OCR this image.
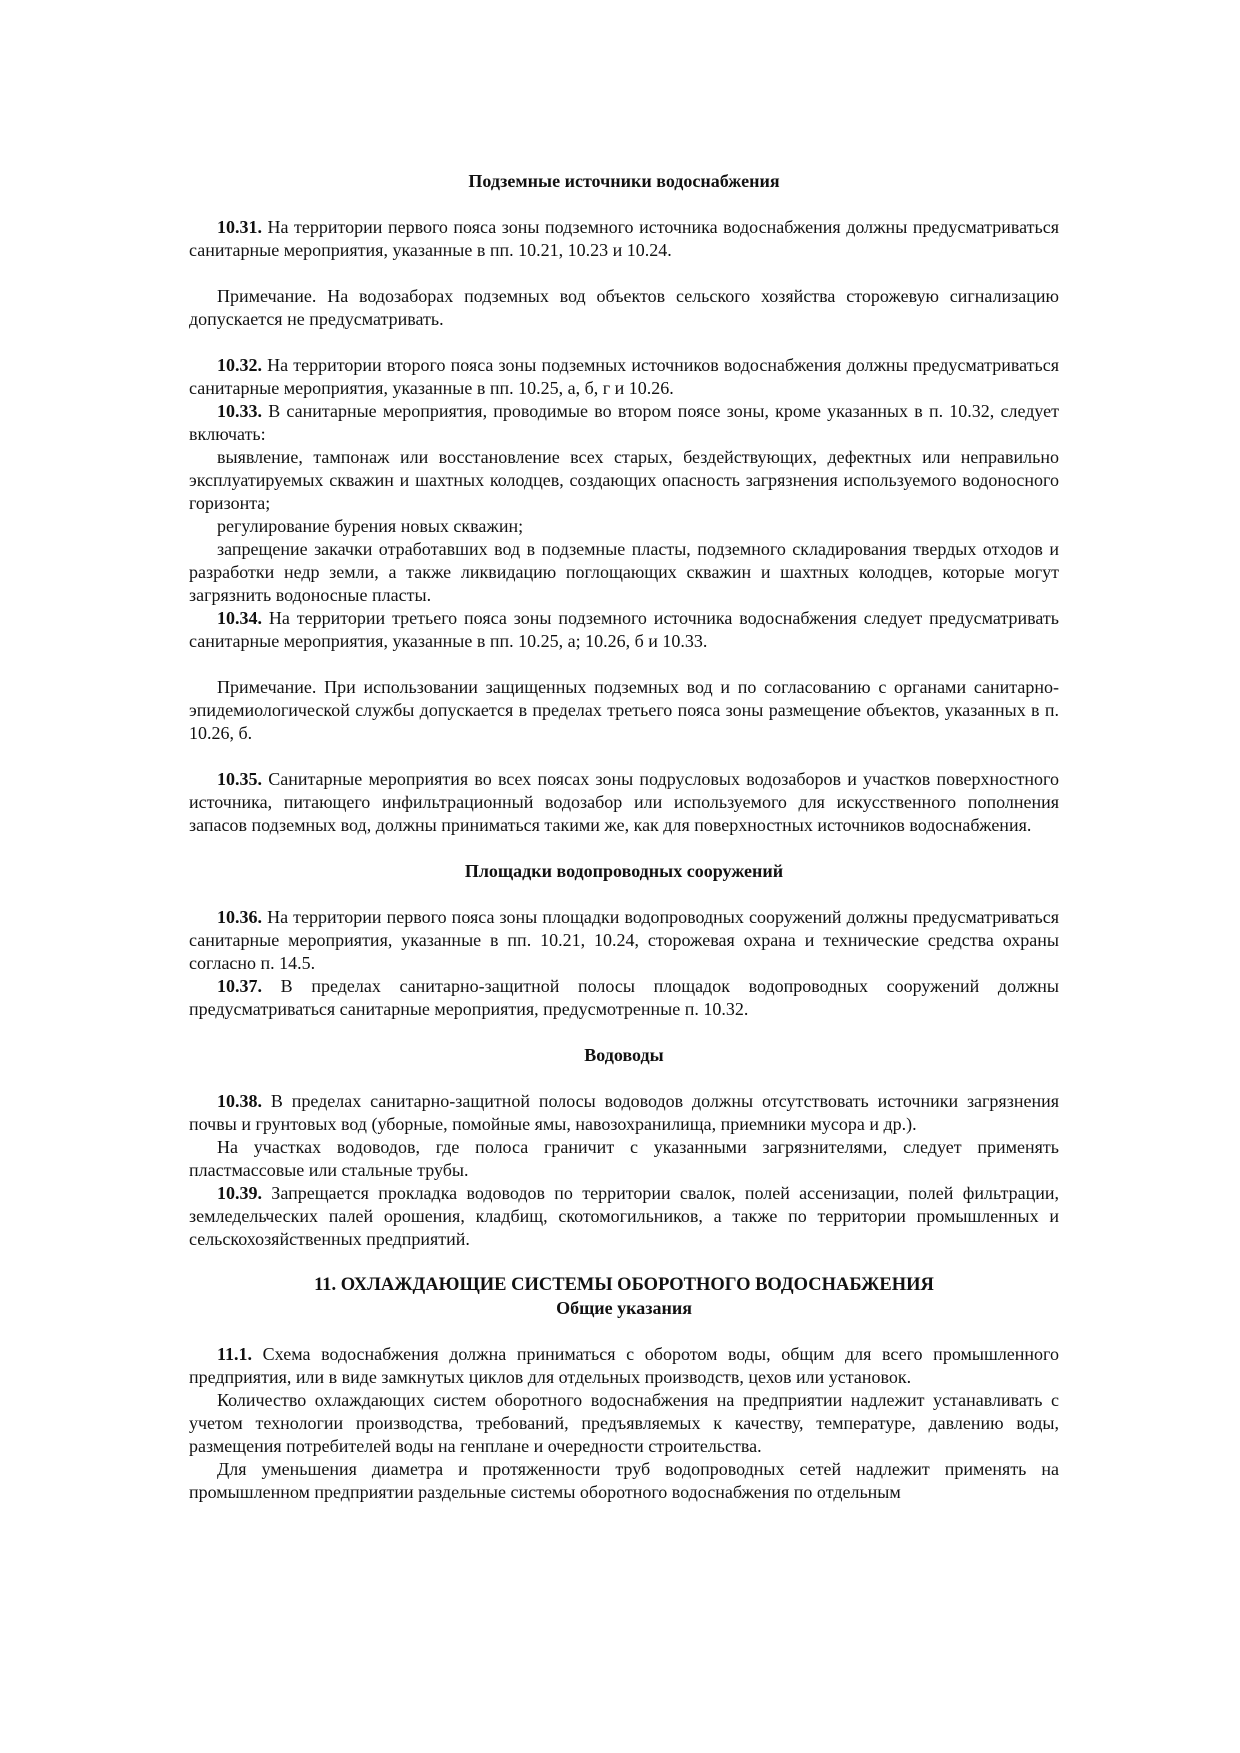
Подземные источники водоснабжения

10.31. На территории первого пояса зоны подземного источника водоснабжения должны предусматриваться санитарные мероприятия, указанные в пп. 10.21, 10.23 и 10.24.

Примечание. На водозаборах подземных вод объектов сельского хозяйства сторожевую сигнализацию допускается не предусматривать.

10.32. На территории второго пояса зоны подземных источников водоснабжения должны предусматриваться санитарные мероприятия, указанные в пп. 10.25, а, б, г и 10.26.

10.33. В санитарные мероприятия, проводимые во втором поясе зоны, кроме указанных в п. 10.32, следует включать:

выявление, тампонаж или восстановление всех старых, бездействующих, дефектных или неправильно эксплуатируемых скважин и шахтных колодцев, создающих опасность загрязнения используемого водоносного горизонта;

регулирование бурения новых скважин;

запрещение закачки отработавших вод в подземные пласты, подземного складирования твердых отходов и разработки недр земли, а также ликвидацию поглощающих скважин и шахтных колодцев, которые могут загрязнить водоносные пласты.

10.34. На территории третьего пояса зоны подземного источника водоснабжения следует предусматривать санитарные мероприятия, указанные в пп. 10.25, а; 10.26, б и 10.33.

Примечание. При использовании защищенных подземных вод и по согласованию с органами санитарно-эпидемиологической службы допускается в пределах третьего пояса зоны размещение объектов, указанных в п. 10.26, б.

10.35. Санитарные мероприятия во всех поясах зоны подрусловых водозаборов и участков поверхностного источника, питающего инфильтрационный водозабор или используемого для искусственного пополнения запасов подземных вод, должны приниматься такими же, как для поверхностных источников водоснабжения.

Площадки водопроводных сооружений

10.36. На территории первого пояса зоны площадки водопроводных сооружений должны предусматриваться санитарные мероприятия, указанные в пп. 10.21, 10.24, сторожевая охрана и технические средства охраны согласно п. 14.5.

10.37. В пределах санитарно-защитной полосы площадок водопроводных сооружений должны предусматриваться санитарные мероприятия, предусмотренные п. 10.32.

Водоводы

10.38. В пределах санитарно-защитной полосы водоводов должны отсутствовать источники загрязнения почвы и грунтовых вод (уборные, помойные ямы, навозохранилища, приемники мусора и др.).

На участках водоводов, где полоса граничит с указанными загрязнителями, следует применять пластмассовые или стальные трубы.

10.39. Запрещается прокладка водоводов по территории свалок, полей ассенизации, полей фильтрации, земледельческих палей орошения, кладбищ, скотомогильников, а также по территории промышленных и сельскохозяйственных предприятий.

11. ОХЛАЖДАЮЩИЕ СИСТЕМЫ ОБОРОТНОГО ВОДОСНАБЖЕНИЯ

Общие указания

11.1. Схема водоснабжения должна приниматься с оборотом воды, общим для всего промышленного предприятия, или в виде замкнутых циклов для отдельных производств, цехов или установок.

Количество охлаждающих систем оборотного водоснабжения на предприятии надлежит устанавливать с учетом технологии производства, требований, предъявляемых к качеству, температуре, давлению воды, размещения потребителей воды на генплане и очередности строительства.

Для уменьшения диаметра и протяженности труб водопроводных сетей надлежит применять на промышленном предприятии раздельные системы оборотного водоснабжения по отдельным
